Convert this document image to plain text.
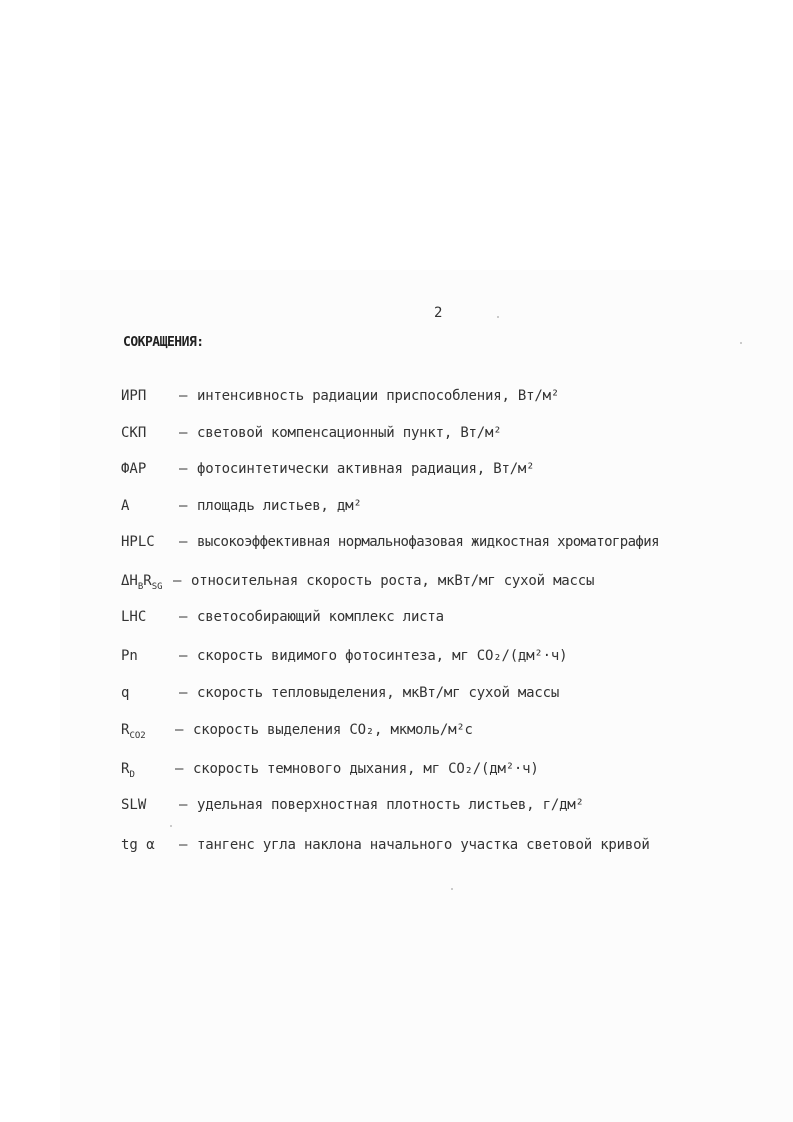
2
СОКРАЩЕНИЯ:
ИРП – интенсивность радиации приспособления, Вт/м²
СКП – световой компенсационный пункт, Вт/м²
ФАР – фотосинтетически активная радиация, Вт/м²
A	– площадь листьев, дм²
HPLC – высокоэффективная нормальнофазовая жидкостная хроматография
$\Delta H_BR_{SG}$ – относительная скорость роста, мкВт/мг сухой массы
LHC – светособирающий комплекс листа
Pn	– скорость видимого фотосинтеза, мг CO₂/(дм²·ч)
q	– скорость тепловыделения, мкВт/мг сухой массы
$R_{CO2}$ – скорость выделения CO₂, мкмоль/м²с
$R_D$	– скорость темнового дыхания, мг CO₂/(дм²·ч)
SLW – удельная поверхностная плотность листьев, г/дм²
tg α – тангенс угла наклона начального участка световой кривой
